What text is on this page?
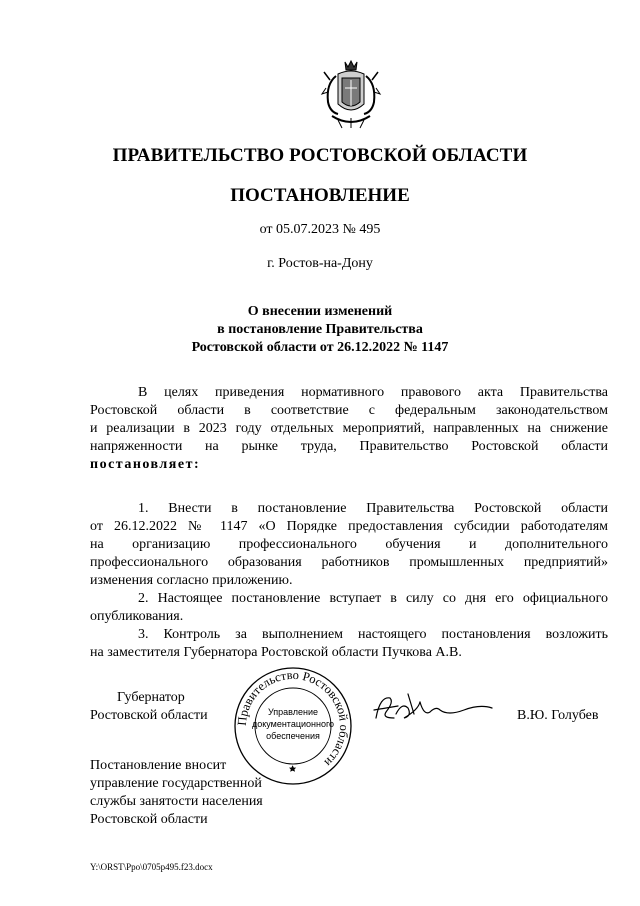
ПРАВИТЕЛЬСТВО РОСТОВСКОЙ ОБЛАСТИ
ПОСТАНОВЛЕНИЕ
от 05.07.2023 № 495
г. Ростов-на-Дону
О внесении изменений
в постановление Правительства
Ростовской области от 26.12.2022 № 1147
В целях приведения нормативного правового акта Правительства
Ростовской области в соответствие с федеральным законодательством
и реализации в 2023 году отдельных мероприятий, направленных на снижение
напряженности на рынке труда, Правительство Ростовской области
постановляет:
1. Внести в постановление Правительства Ростовской области
от 26.12.2022 № 1147 «О Порядке предоставления субсидии работодателям
на организацию профессионального обучения и дополнительного
профессионального образования работников промышленных предприятий»
изменения согласно приложению.
2. Настоящее постановление вступает в силу со дня его официального
опубликования.
3. Контроль за выполнением настоящего постановления возложить
на заместителя Губернатора Ростовской области Пучкова А.В.
Губернатор
Ростовской области	В.Ю. Голубев
Правительство Ростовской области
Управление
документационного
обеспечения
Постановление вносит
управление государственной
службы занятости населения
Ростовской области
Y:\ORST\Ppo\0705p495.f23.docx
